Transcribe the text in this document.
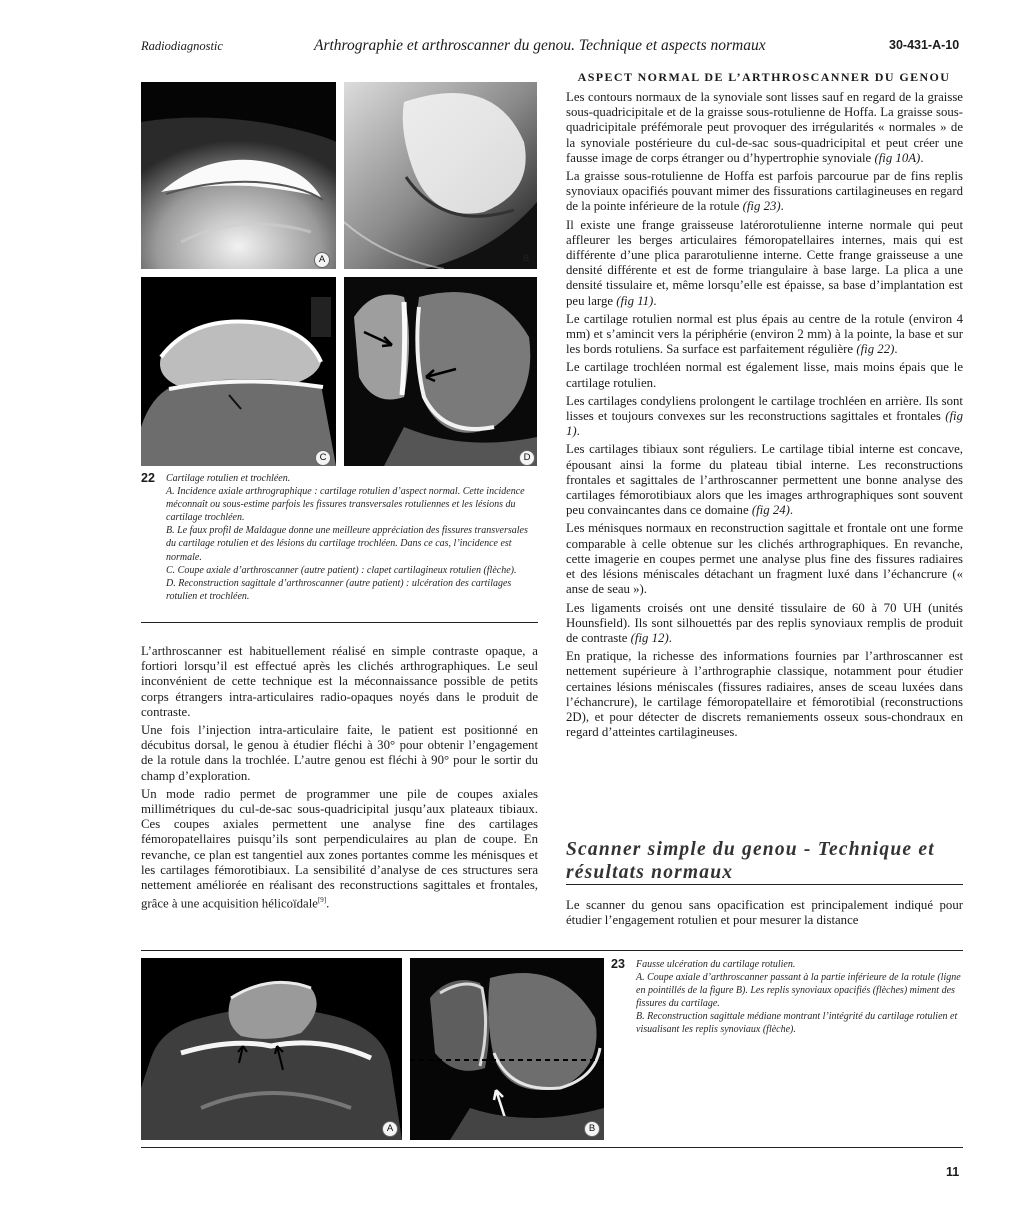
Radiodiagnostic	Arthrographie et arthroscanner du genou. Technique et aspects normaux	30-431-A-10
A	B
C	D
22 Cartilage rotulien et trochléen.

A. Incidence axiale arthrographique : cartilage rotulien d’aspect normal. Cette incidence méconnaît ou sous-estime parfois les fissures transversales rotuliennes et les lésions du cartilage trochléen.

B. Le faux profil de Maldague donne une meilleure appréciation des fissures transversales du cartilage rotulien et des lésions du cartilage trochléen. Dans ce cas, l’incidence est normale.

C. Coupe axiale d’arthroscanner (autre patient) : clapet cartilagineux rotulien (flèche).

D. Reconstruction sagittale d’arthroscanner (autre patient) : ulcération des cartilages rotulien et trochléen.

L’arthroscanner est habituellement réalisé en simple contraste opaque, a fortiori lorsqu’il est effectué après les clichés arthrographiques. Le seul inconvénient de cette technique est la méconnaissance possible de petits corps étrangers intra-articulaires radio-opaques noyés dans le produit de contraste.

Une fois l’injection intra-articulaire faite, le patient est positionné en décubitus dorsal, le genou à étudier fléchi à 30° pour obtenir l’engagement de la rotule dans la trochlée. L’autre genou est fléchi à 90° pour le sortir du champ d’exploration.

Un mode radio permet de programmer une pile de coupes axiales millimétriques du cul-de-sac sous-quadricipital jusqu’aux plateaux tibiaux. Ces coupes axiales permettent une analyse fine des cartilages fémoropatellaires puisqu’ils sont perpendiculaires au plan de coupe. En revanche, ce plan est tangentiel aux zones portantes comme les ménisques et les cartilages fémorotibiaux. La sensibilité d’analyse de ces structures sera nettement améliorée en réalisant des reconstructions sagittales et frontales, grâce à une acquisition hélicoïdale[9].

ASPECT NORMAL DE L’ARTHROSCANNER DU GENOU

Les contours normaux de la synoviale sont lisses sauf en regard de la graisse sous-quadricipitale et de la graisse sous-rotulienne de Hoffa. La graisse sous-quadricipitale préfémorale peut provoquer des irrégularités « normales » de la synoviale postérieure du cul-de-sac sous-quadricipital et peut créer une fausse image de corps étranger ou d’hypertrophie synoviale (fig 10A).

La graisse sous-rotulienne de Hoffa est parfois parcourue par de fins replis synoviaux opacifiés pouvant mimer des fissurations cartilagineuses en regard de la pointe inférieure de la rotule (fig 23).

Il existe une frange graisseuse latérorotulienne interne normale qui peut affleurer les berges articulaires fémoropatellaires internes, mais qui est différente d’une plica pararotulienne interne. Cette frange graisseuse a une densité différente et est de forme triangulaire à base large. La plica a une densité tissulaire et, même lorsqu’elle est épaisse, sa base d’implantation est peu large (fig 11).

Le cartilage rotulien normal est plus épais au centre de la rotule (environ 4 mm) et s’amincit vers la périphérie (environ 2 mm) à la pointe, la base et sur les bords rotuliens. Sa surface est parfaitement régulière (fig 22).

Le cartilage trochléen normal est également lisse, mais moins épais que le cartilage rotulien.

Les cartilages condyliens prolongent le cartilage trochléen en arrière. Ils sont lisses et toujours convexes sur les reconstructions sagittales et frontales (fig 1).

Les cartilages tibiaux sont réguliers. Le cartilage tibial interne est concave, épousant ainsi la forme du plateau tibial interne. Les reconstructions frontales et sagittales de l’arthroscanner permettent une bonne analyse des cartilages fémorotibiaux alors que les images arthrographiques sont souvent peu convaincantes dans ce domaine (fig 24).

Les ménisques normaux en reconstruction sagittale et frontale ont une forme comparable à celle obtenue sur les clichés arthrographiques. En revanche, cette imagerie en coupes permet une analyse plus fine des fissures radiaires et des lésions méniscales détachant un fragment luxé dans l’échancrure (« anse de seau »).

Les ligaments croisés ont une densité tissulaire de 60 à 70 UH (unités Hounsfield). Ils sont silhouettés par des replis synoviaux remplis de produit de contraste (fig 12).

En pratique, la richesse des informations fournies par l’arthroscanner est nettement supérieure à l’arthrographie classique, notamment pour étudier certaines lésions méniscales (fissures radiaires, anses de sceau luxées dans l’échancrure), le cartilage fémoropatellaire et fémorotibial (reconstructions 2D), et pour détecter de discrets remaniements osseux sous-chondraux en regard d’atteintes cartilagineuses.

Scanner simple du genou - Technique et résultats normaux

Le scanner du genou sans opacification est principalement indiqué pour étudier l’engagement rotulien et pour mesurer la distance

A	B
23 Fausse ulcération du cartilage rotulien.

A. Coupe axiale d’arthroscanner passant à la partie inférieure de la rotule (ligne en pointillés de la figure B). Les replis synoviaux opacifiés (flèches) miment des fissures du cartilage.

B. Reconstruction sagittale médiane montrant l’intégrité du cartilage rotulien et visualisant les replis synoviaux (flèche).

11
